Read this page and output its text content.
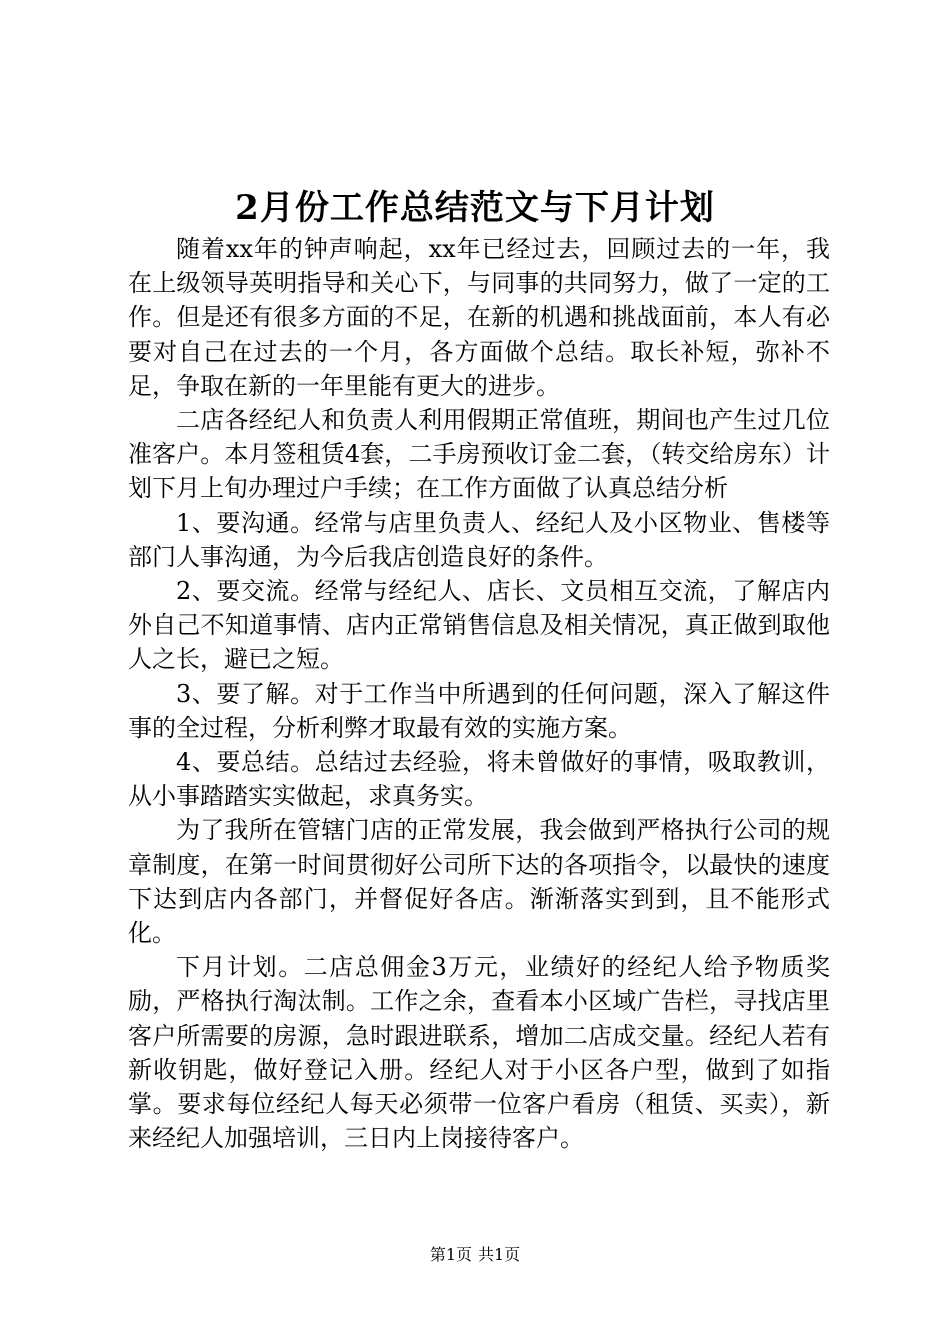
2月份工作总结范文与下月计划

随着xx年的钟声响起，xx年已经过去，回顾过去的一年，我在上级领导英明指导和关心下，与同事的共同努力，做了一定的工作。但是还有很多方面的不足，在新的机遇和挑战面前，本人有必要对自己在过去的一个月，各方面做个总结。取长补短，弥补不足，争取在新的一年里能有更大的进步。

二店各经纪人和负责人利用假期正常值班，期间也产生过几位准客户。本月签租赁4套，二手房预收订金二套，（转交给房东）计划下月上旬办理过户手续；在工作方面做了认真总结分析

1、要沟通。经常与店里负责人、经纪人及小区物业、售楼等部门人事沟通，为今后我店创造良好的条件。

2、要交流。经常与经纪人、店长、文员相互交流，了解店内外自己不知道事情、店内正常销售信息及相关情况，真正做到取他人之长，避已之短。

3、要了解。对于工作当中所遇到的任何问题，深入了解这件事的全过程，分析利弊才取最有效的实施方案。

4、要总结。总结过去经验，将未曾做好的事情，吸取教训，从小事踏踏实实做起，求真务实。

为了我所在管辖门店的正常发展，我会做到严格执行公司的规章制度，在第一时间贯彻好公司所下达的各项指令，以最快的速度下达到店内各部门，并督促好各店。渐渐落实到到，且不能形式化。

下月计划。二店总佣金3万元，业绩好的经纪人给予物质奖励，严格执行淘汰制。工作之余，查看本小区域广告栏，寻找店里客户所需要的房源，急时跟进联系，增加二店成交量。经纪人若有新收钥匙，做好登记入册。经纪人对于小区各户型，做到了如指掌。要求每位经纪人每天必须带一位客户看房（租赁、买卖），新来经纪人加强培训，三日内上岗接待客户。

第1页 共1页
